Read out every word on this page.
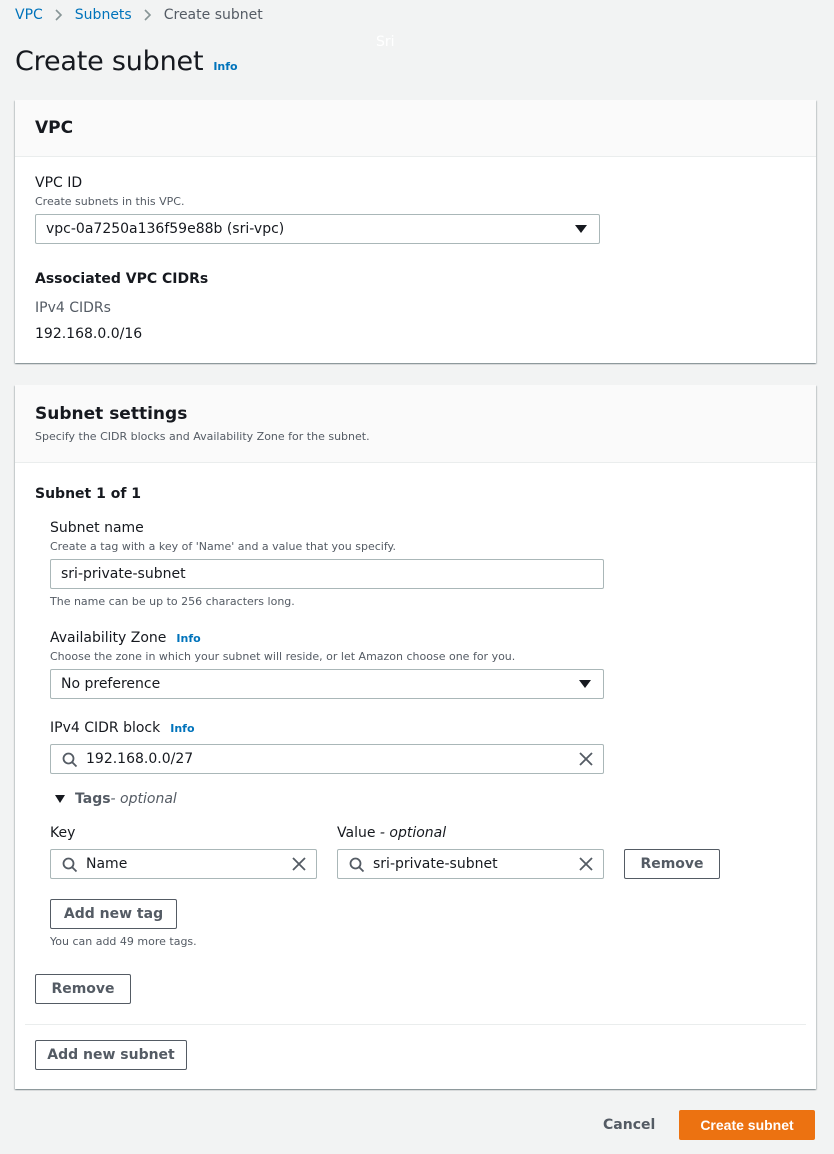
VPC Subnets Create subnet
Sri
Create subnet Info
VPC
VPC ID
Create subnets in this VPC.
vpc-0a7250a136f59e88b (sri-vpc)
Associated VPC CIDRs
IPv4 CIDRs
192.168.0.0/16
Subnet settings
Specify the CIDR blocks and Availability Zone for the subnet.
Subnet 1 of 1
Subnet name
Create a tag with a key of 'Name' and a value that you specify.
sri-private-subnet
The name can be up to 256 characters long.
Availability Zone Info
Choose the zone in which your subnet will reside, or let Amazon choose one for you.
No preference
IPv4 CIDR block Info
192.168.0.0/27
Tags - optional
Key	Value - optional
Name	sri-private-subnet	Remove
Add new tag
You can add 49 more tags.
Remove
Add new subnet
Cancel	Create subnet
